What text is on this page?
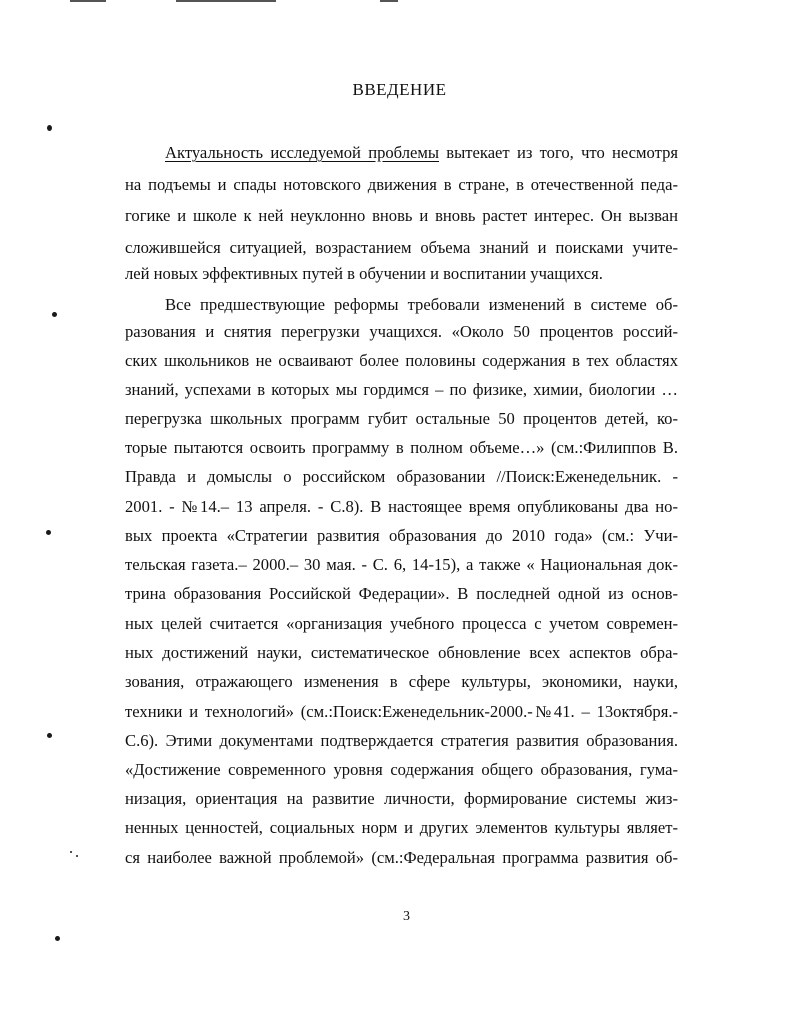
ВВЕДЕНИЕ
Актуальность исследуемой проблемы вытекает из того, что несмотря
на подъемы и спады нотовского движения в стране, в отечественной педа-
гогике и школе к ней неуклонно вновь и вновь растет интерес. Он вызван
сложившейся ситуацией, возрастанием объема знаний и поисками учите-
лей новых эффективных путей в обучении и воспитании учащихся.
Все предшествующие реформы требовали изменений в системе об-
разования и снятия перегрузки учащихся. «Около 50 процентов россий-
ских школьников не осваивают более половины содержания в тех областях
знаний, успехами в которых мы гордимся – по физике, химии, биологии …
перегрузка школьных программ губит остальные 50 процентов детей, ко-
торые пытаются освоить программу в полном объеме…» (см.:Филиппов В.
Правда и домыслы о российском образовании //Поиск:Еженедельник. -
2001. - №14.– 13 апреля. - С.8). В настоящее время опубликованы два но-
вых проекта «Стратегии развития образования до 2010 года» (см.: Учи-
тельская газета.– 2000.– 30 мая. - С. 6, 14-15), а также « Национальная док-
трина образования Российской Федерации». В последней одной из основ-
ных целей считается «организация учебного процесса с учетом современ-
ных достижений науки, систематическое обновление всех аспектов обра-
зования, отражающего изменения в сфере культуры, экономики, науки,
техники и технологий» (см.:Поиск:Еженедельник-2000.-№41. – 13октября.-
С.6). Этими документами подтверждается стратегия развития образования.
«Достижение современного уровня содержания общего образования, гума-
низация, ориентация на развитие личности, формирование системы жиз-
ненных ценностей, социальных норм и других элементов культуры являет-
ся наиболее важной проблемой» (см.:Федеральная программа развития об-
3
